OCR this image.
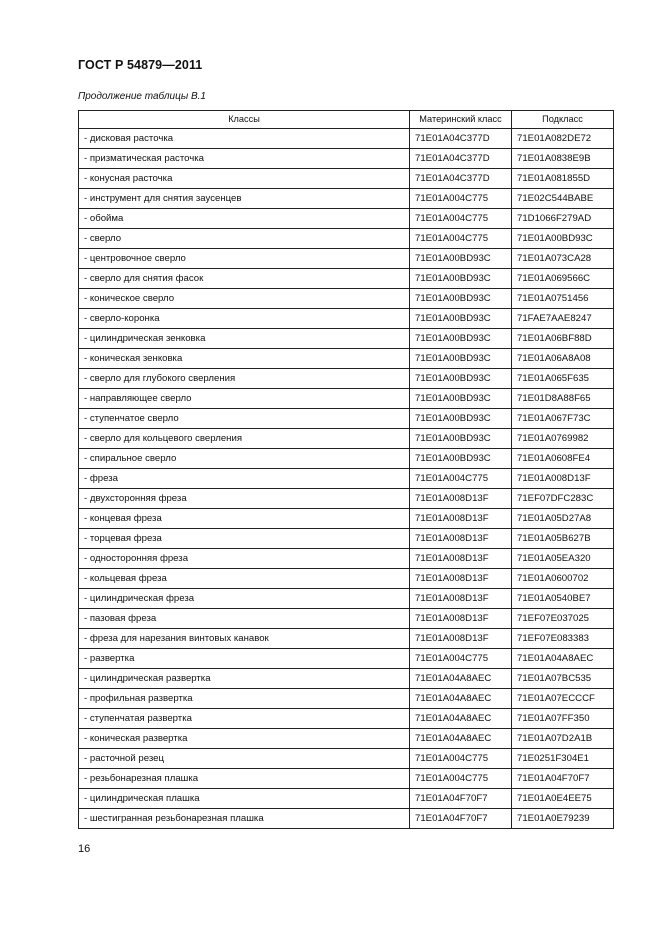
ГОСТ Р 54879—2011
Продолжение таблицы В.1
Классы	Материнский класс	Подкласс
- дисковая расточка	71E01A04C377D	71E01A082DE72
- призматическая расточка	71E01A04C377D	71E01A0838E9B
- конусная расточка	71E01A04C377D	71E01A081855D
- инструмент для снятия заусенцев	71E01A004C775	71E02C544BABE
- обойма	71E01A004C775	71D1066F279AD
- сверло	71E01A004C775	71E01A00BD93C
- центровочное сверло	71E01A00BD93C	71E01A073CA28
- сверло для снятия фасок	71E01A00BD93C	71E01A069566C
- коническое сверло	71E01A00BD93C	71E01A0751456
- сверло-коронка	71E01A00BD93C	71FAE7AAE8247
- цилиндрическая зенковка	71E01A00BD93C	71E01A06BF88D
- коническая зенковка	71E01A00BD93C	71E01A06A8A08
- сверло для глубокого сверления	71E01A00BD93C	71E01A065F635
- направляющее сверло	71E01A00BD93C	71E01D8A88F65
- ступенчатое сверло	71E01A00BD93C	71E01A067F73C
- сверло для кольцевого сверления	71E01A00BD93C	71E01A0769982
- спиральное сверло	71E01A00BD93C	71E01A0608FE4
- фреза	71E01A004C775	71E01A008D13F
- двухсторонняя фреза	71E01A008D13F	71EF07DFC283C
- концевая фреза	71E01A008D13F	71E01A05D27A8
- торцевая фреза	71E01A008D13F	71E01A05B627B
- односторонняя фреза	71E01A008D13F	71E01A05EA320
- кольцевая фреза	71E01A008D13F	71E01A0600702
- цилиндрическая фреза	71E01A008D13F	71E01A0540BE7
- пазовая фреза	71E01A008D13F	71EF07E037025
- фреза для нарезания винтовых канавок	71E01A008D13F	71EF07E083383
- развертка	71E01A004C775	71E01A04A8AEC
- цилиндрическая развертка	71E01A04A8AEC	71E01A07BC535
- профильная развертка	71E01A04A8AEC	71E01A07ECCCF
- ступенчатая развертка	71E01A04A8AEC	71E01A07FF350
- коническая развертка	71E01A04A8AEC	71E01A07D2A1B
- расточной резец	71E01A004C775	71E0251F304E1
- резьбонарезная плашка	71E01A004C775	71E01A04F70F7
- цилиндрическая плашка	71E01A04F70F7	71E01A0E4EE75
- шестигранная резьбонарезная плашка	71E01A04F70F7	71E01A0E79239
16
